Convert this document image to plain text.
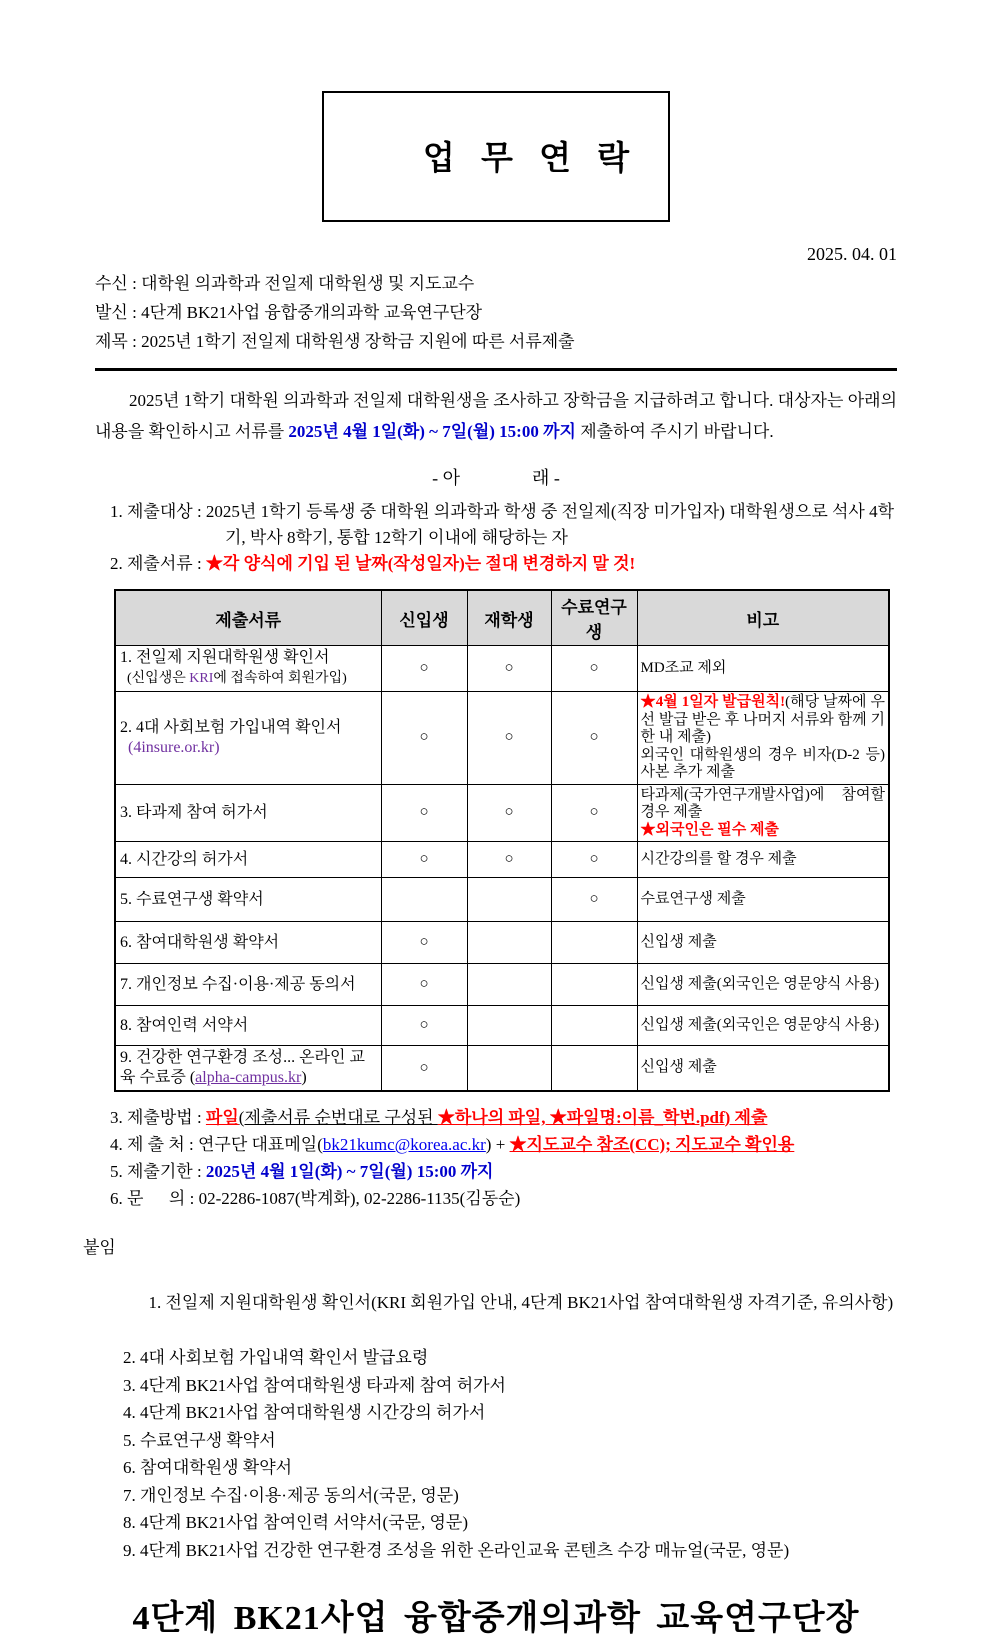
업 무 연 락

2025. 04. 01
수신 : 대학원 의과학과 전일제 대학원생 및 지도교수
발신 : 4단계 BK21사업 융합중개의과학 교육연구단장
제목 : 2025년 1학기 전일제 대학원생 장학금 지원에 따른 서류제출

2025년 1학기 대학원 의과학과 전일제 대학원생을 조사하고 장학금을 지급하려고 합니다. 대상자는 아래의 내용을 확인하시고 서류를 2025년 4월 1일(화) ~ 7일(월) 15:00 까지 제출하여 주시기 바랍니다.

- 아                래 -
1. 제출대상 : 2025년 1학기 등록생 중 대학원 의과학과 학생 중 전일제(직장 미가입자) 대학원생으로 석사 4학기, 박사 8학기, 통합 12학기 이내에 해당하는 자
2. 제출서류 : ★각 양식에 기입 된 날짜(작성일자)는 절대 변경하지 말 것!
제출서류	신입생	재학생	수료연구생	비고
1. 전일제 지원대학원생 확인서
(신입생은 KRI에 접속하여 회원가입)	○	○	○	MD조교 제외
2. 4대 사회보험 가입내역 확인서
(4insure.or.kr)	○	○	○	★4월 1일자 발급원칙!(해당 날짜에 우선 발급 받은 후 나머지 서류와 함께 기한 내 제출)
외국인 대학원생의 경우 비자(D-2 등) 사본 추가 제출
3. 타과제 참여 허가서	○	○	○	타과제(국가연구개발사업)에 참여할 경우 제출
★외국인은 필수 제출
4. 시간강의 허가서	○	○	○	시간강의를 할 경우 제출
5. 수료연구생 확약서			○	수료연구생 제출
6. 참여대학원생 확약서	○			신입생 제출
7. 개인정보 수집·이용·제공 동의서	○			신입생 제출(외국인은 영문양식 사용)
8. 참여인력 서약서	○			신입생 제출(외국인은 영문양식 사용)
9. 건강한 연구환경 조성... 온라인 교육 수료증 (alpha-campus.kr)	○			신입생 제출
3. 제출방법 : 파일(제출서류 순번대로 구성된 ★하나의 파일, ★파일명:이름_학번.pdf) 제출
4. 제 출 처 : 연구단 대표메일(bk21kumc@korea.ac.kr) + ★지도교수 참조(CC); 지도교수 확인용
5. 제출기한 : 2025년 4월 1일(화) ~ 7일(월) 15:00 까지
6. 문      의 : 02-2286-1087(박계화), 02-2286-1135(김동순)

붙임

1. 전일제 지원대학원생 확인서(KRI 회원가입 안내, 4단계 BK21사업 참여대학원생 자격기준, 유의사항)

2. 4대 사회보험 가입내역 확인서 발급요령
3. 4단계 BK21사업 참여대학원생 타과제 참여 허가서
4. 4단계 BK21사업 참여대학원생 시간강의 허가서
5. 수료연구생 확약서
6. 참여대학원생 확약서
7. 개인정보 수집·이용·제공 동의서(국문, 영문)
8. 4단계 BK21사업 참여인력 서약서(국문, 영문)
9. 4단계 BK21사업 건강한 연구환경 조성을 위한 온라인교육 콘텐츠 수강 매뉴얼(국문, 영문)
4단계 BK21사업 융합중개의과학 교육연구단장
